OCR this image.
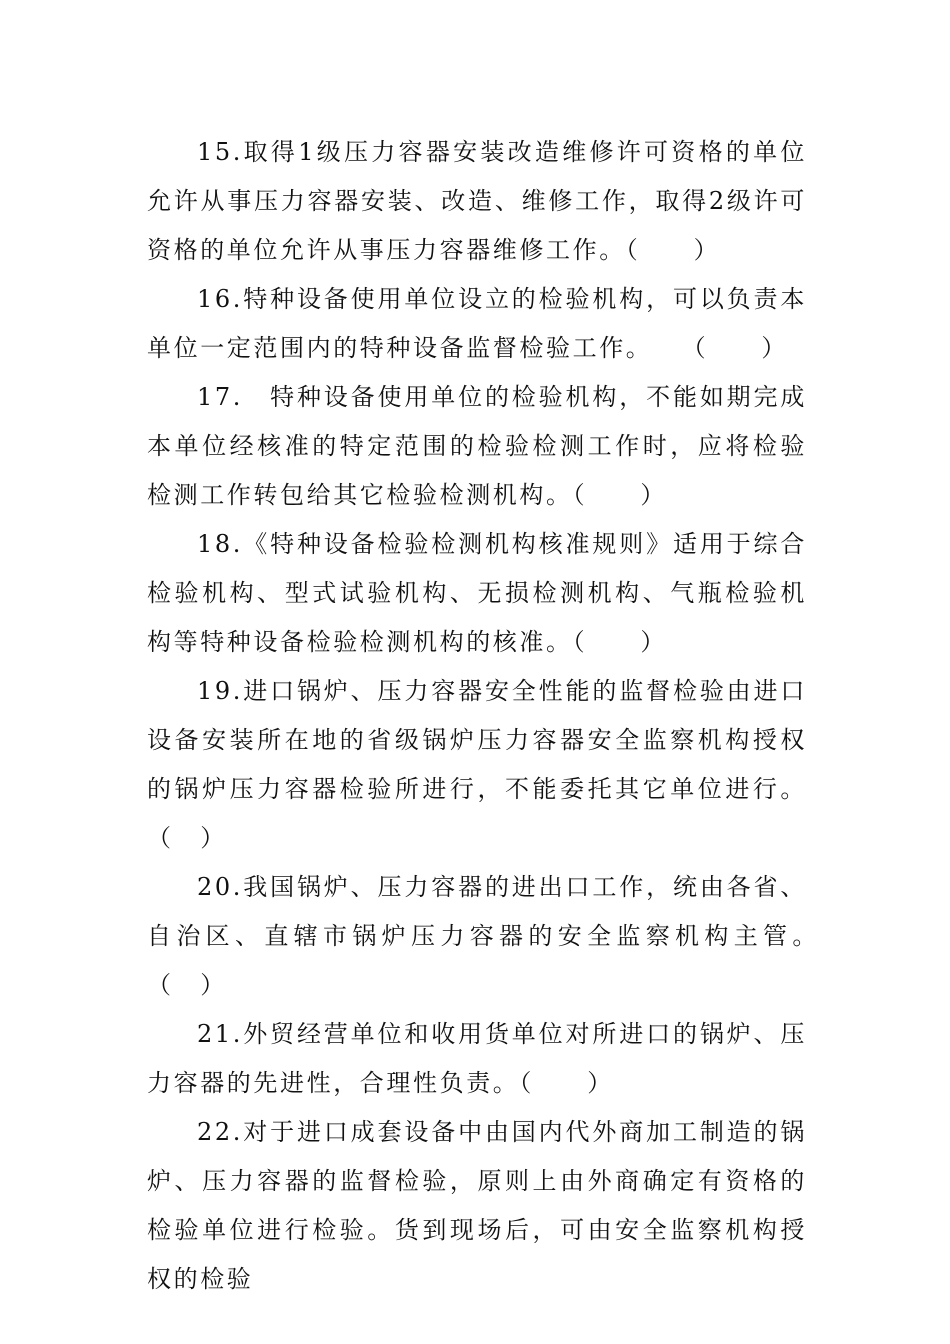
15.取得1级压力容器安装改造维修许可资格的单位允许从事压力容器安装、改造、维修工作，取得2级许可资格的单位允许从事压力容器维修工作。（　　）

16.特种设备使用单位设立的检验机构，可以负责本单位一定范围内的特种设备监督检验工作。　　（　　）

17.　特种设备使用单位的检验机构，不能如期完成本单位经核准的特定范围的检验检测工作时，应将检验检测工作转包给其它检验检测机构。（　　）

18.《特种设备检验检测机构核准规则》适用于综合检验机构、型式试验机构、无损检测机构、气瓶检验机构等特种设备检验检测机构的核准。（　　）

19.进口锅炉、压力容器安全性能的监督检验由进口设备安装所在地的省级锅炉压力容器安全监察机构授权的锅炉压力容器检验所进行，不能委托其它单位进行。（　）

20.我国锅炉、压力容器的进出口工作，统由各省、自治区、直辖市锅炉压力容器的安全监察机构主管。　　（　）

21.外贸经营单位和收用货单位对所进口的锅炉、压力容器的先进性，合理性负责。（　　）

22.对于进口成套设备中由国内代外商加工制造的锅炉、压力容器的监督检验，原则上由外商确定有资格的检验单位进行检验。货到现场后，可由安全监察机构授权的检验
